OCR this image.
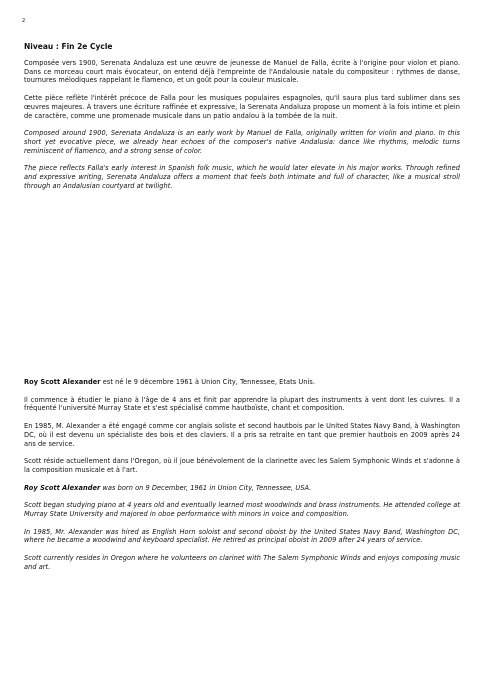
2
Niveau : Fin 2e Cycle

Composée vers 1900, Serenata Andaluza est une œuvre de jeunesse de Manuel de Falla, écrite à l'origine pour violon et piano. Dans ce morceau court mais évocateur, on entend déjà l'empreinte de l'Andalousie natale du compositeur : rythmes de danse, tournures mélodiques rappelant le flamenco, et un goût pour la couleur musicale.

Cette pièce reflète l'intérêt précoce de Falla pour les musiques populaires espagnoles, qu'il saura plus tard sublimer dans ses œuvres majeures. À travers une écriture raffinée et expressive, la Serenata Andaluza propose un moment à la fois intime et plein de caractère, comme une promenade musicale dans un patio andalou à la tombée de la nuit.

Composed around 1900, Serenata Andaluza is an early work by Manuel de Falla, originally written for violin and piano. In this short yet evocative piece, we already hear echoes of the composer's native Andalusia: dance like rhythms, melodic turns reminiscent of flamenco, and a strong sense of color.

The piece reflects Falla's early interest in Spanish folk music, which he would later elevate in his major works. Through refined and expressive writing, Serenata Andaluza offers a moment that feels both intimate and full of character, like a musical stroll through an Andalusian courtyard at twilight.

Roy Scott Alexander est né le 9 décembre 1961 à Union City, Tennessee, Etats Unis.

Il commence à étudier le piano à l'âge de 4 ans et finit par apprendre la plupart des instruments à vent dont les cuivres. Il a fréquenté l'université Murray State et s'est spécialisé comme hautboïste, chant et composition.

En 1985, M. Alexander a été engagé comme cor anglais soliste et second hautbois par le United States Navy Band, à Washington DC, où il est devenu un spécialiste des bois et des claviers. Il a pris sa retraite en tant que premier hautbois en 2009 après 24 ans de service.

Scott réside actuellement dans l'Oregon, où il joue bénévolement de la clarinette avec les Salem Symphonic Winds et s'adonne à la composition musicale et à l'art.

Roy Scott Alexander was born on 9 December, 1961 in Union City, Tennessee, USA.

Scott began studying piano at 4 years old and eventually learned most woodwinds and brass instruments. He attended college at Murray State University and majored in oboe performance with minors in voice and composition.

In 1985, Mr. Alexander was hired as English Horn soloist and second oboist by the United States Navy Band, Washington DC, where he became a woodwind and keyboard specialist. He retired as principal oboist in 2009 after 24 years of service.

Scott currently resides in Oregon where he volunteers on clarinet with The Salem Symphonic Winds and enjoys composing music and art.
